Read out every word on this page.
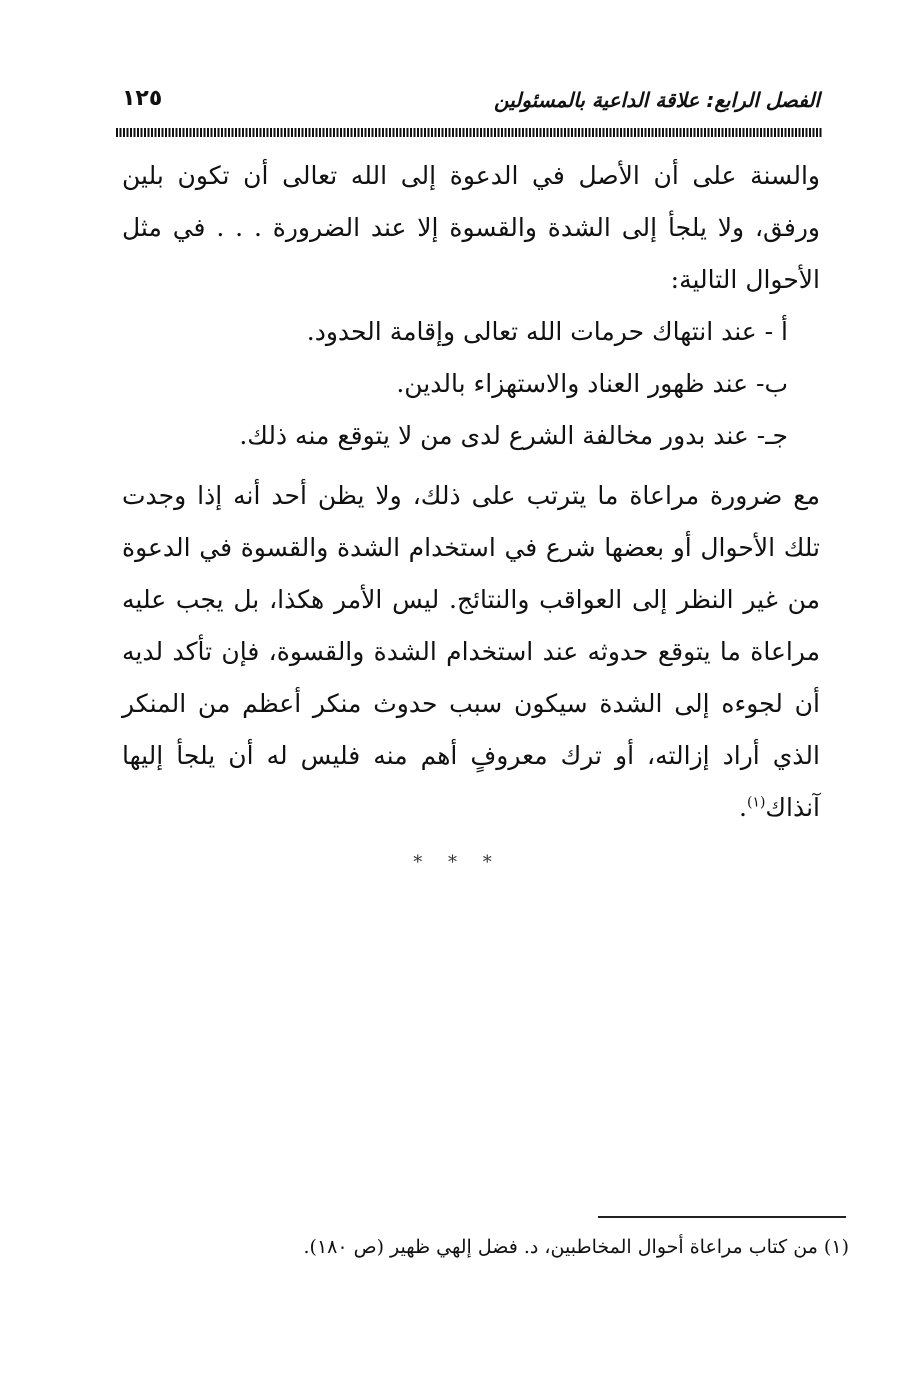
الفصل الرابع: علاقة الداعية بالمسئولين
١٢٥

والسنة على أن الأصل في الدعوة إلى الله تعالى أن تكون بلين ورفق، ولا يلجأ إلى الشدة والقسوة إلا عند الضرورة . . . في مثل الأحوال التالية:

أ - عند انتهاك حرمات الله تعالى وإقامة الحدود.
ب- عند ظهور العناد والاستهزاء بالدين.
جـ- عند بدور مخالفة الشرع لدى من لا يتوقع منه ذلك.

مع ضرورة مراعاة ما يترتب على ذلك، ولا يظن أحد أنه إذا وجدت تلك الأحوال أو بعضها شرع في استخدام الشدة والقسوة في الدعوة من غير النظر إلى العواقب والنتائج. ليس الأمر هكذا، بل يجب عليه مراعاة ما يتوقع حدوثه عند استخدام الشدة والقسوة، فإن تأكد لديه أن لجوءه إلى الشدة سيكون سبب حدوث منكر أعظم من المنكر الذي أراد إزالته، أو ترك معروفٍ أهم منه فليس له أن يلجأ إليها آنذاك$^{(١)}$.

* * *
(١) من كتاب مراعاة أحوال المخاطبين، د. فضل إلهي ظهير (ص ١٨٠).
